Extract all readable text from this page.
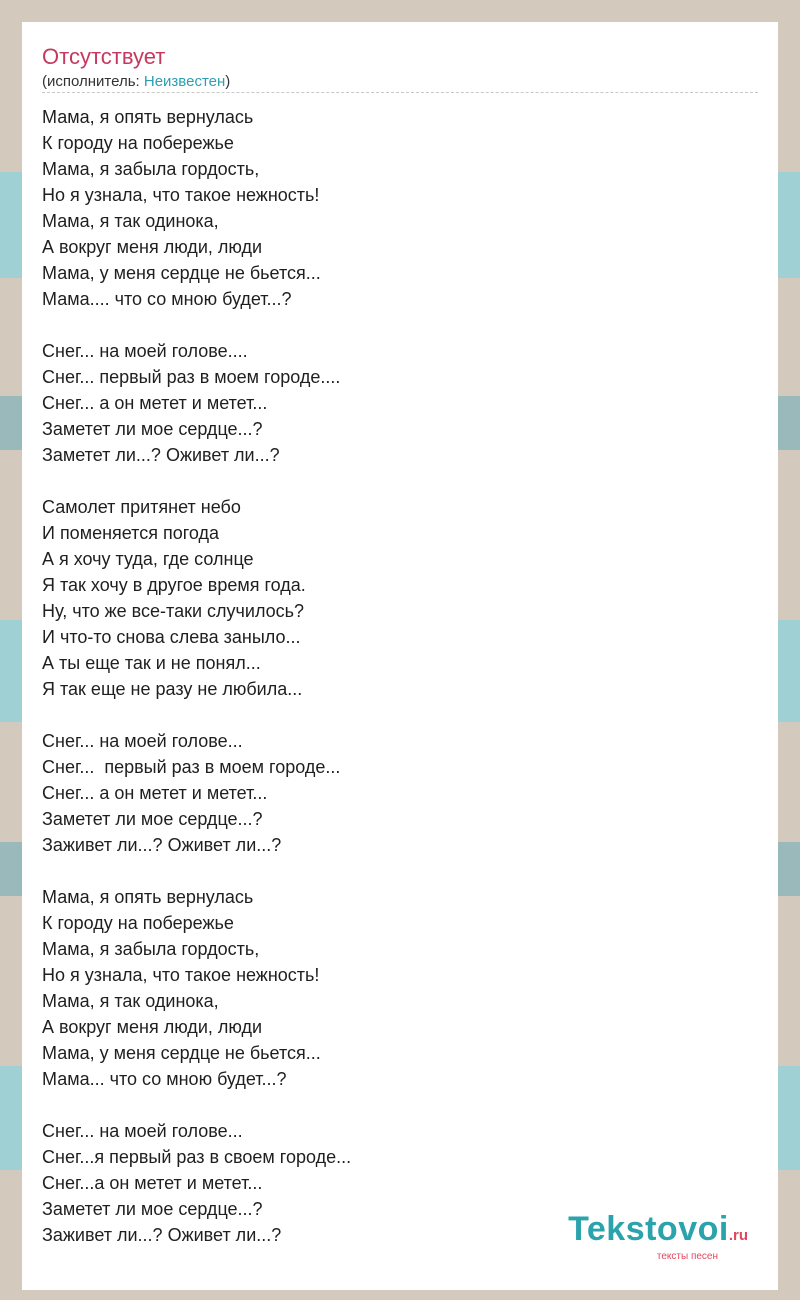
Отсутствует
(исполнитель: Неизвестен)
Мама, я опять вернулась
К городу на побережье
Мама, я забыла гордость,
Но я узнала, что такое нежность!
Мама, я так одинока,
А вокруг меня люди, люди
Мама, у меня сердце не бьется...
Мама.... что со мною будет...?
Снег... на моей голове....
Снег... первый раз в моем городе....
Снег... а он метет и метет...
Заметет ли мое сердце...?
Заметет ли...? Оживет ли...?
Самолет притянет небо
И поменяется погода
А я хочу туда, где солнце
Я так хочу в другое время года.
Ну, что же все-таки случилось?
И что-то снова слева заныло...
А ты еще так и не понял...
Я так еще не разу не любила...
Снег... на моей голове...
Снег...  первый раз в моем городе...
Снег... а он метет и метет...
Заметет ли мое сердце...?
Заживет ли...? Оживет ли...?
Мама, я опять вернулась
К городу на побережье
Мама, я забыла гордость,
Но я узнала, что такое нежность!
Мама, я так одинока,
А вокруг меня люди, люди
Мама, у меня сердце не бьется...
Мама... что со мною будет...?
Снег... на моей голове...
Снег...я первый раз в своем городе...
Снег...а он метет и метет...
Заметет ли мое сердце...?
Заживет ли...? Оживет ли...?	Tekstovoi.ru
тексты песен
